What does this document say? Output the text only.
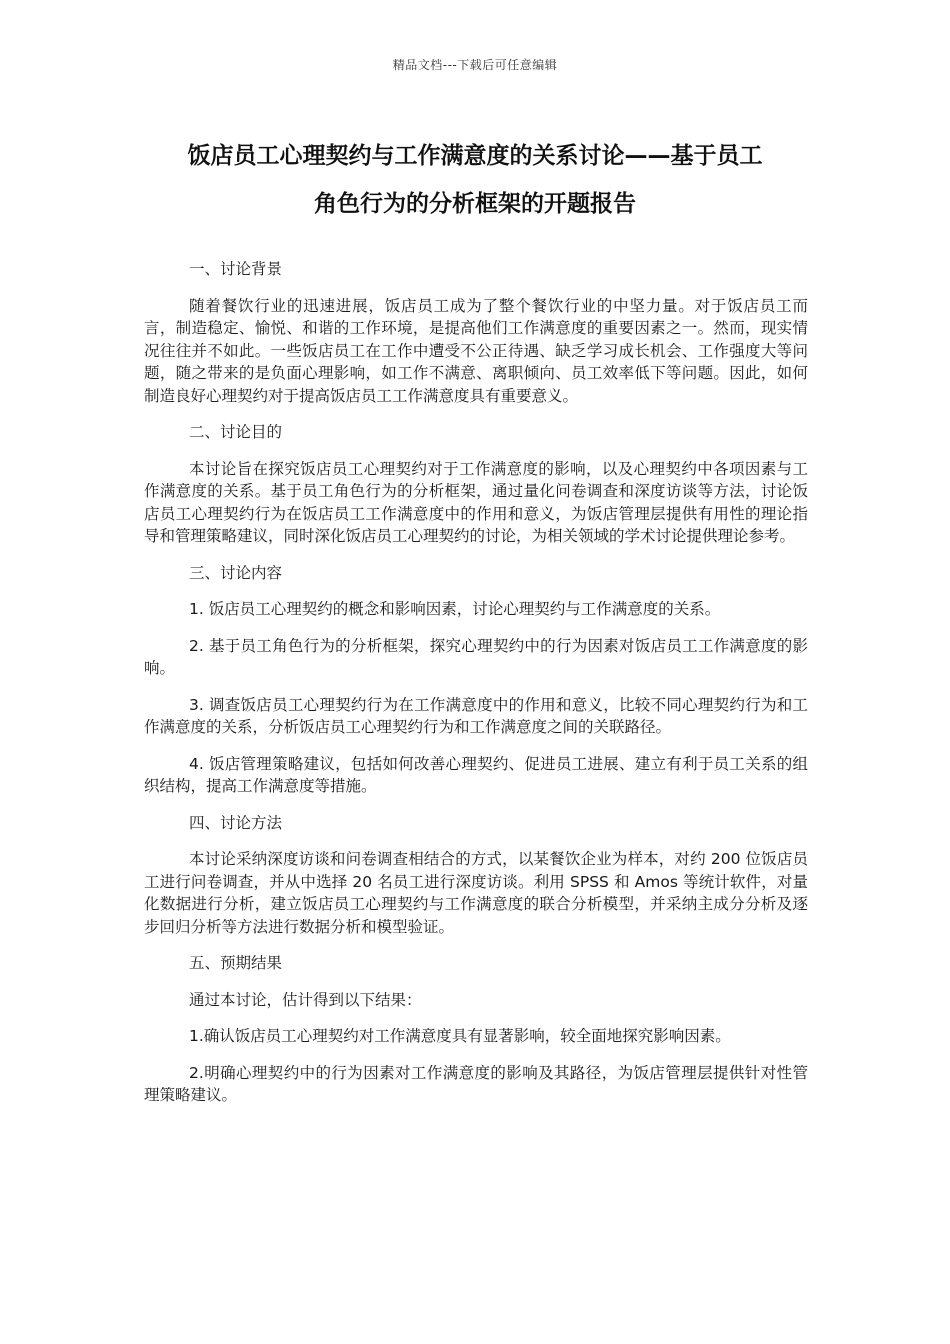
精品文档---下载后可任意编辑
饭店员工心理契约与工作满意度的关系讨论——基于员工
角色行为的分析框架的开题报告

一、讨论背景

随着餐饮行业的迅速进展，饭店员工成为了整个餐饮行业的中坚力量。对于饭店员工而言，制造稳定、愉悦、和谐的工作环境，是提高他们工作满意度的重要因素之一。然而，现实情况往往并不如此。一些饭店员工在工作中遭受不公正待遇、缺乏学习成长机会、工作强度大等问题，随之带来的是负面心理影响，如工作不满意、离职倾向、员工效率低下等问题。因此，如何制造良好心理契约对于提高饭店员工工作满意度具有重要意义。

二、讨论目的

本讨论旨在探究饭店员工心理契约对于工作满意度的影响，以及心理契约中各项因素与工作满意度的关系。基于员工角色行为的分析框架，通过量化问卷调查和深度访谈等方法，讨论饭店员工心理契约行为在饭店员工工作满意度中的作用和意义，为饭店管理层提供有用性的理论指导和管理策略建议，同时深化饭店员工心理契约的讨论，为相关领域的学术讨论提供理论参考。

三、讨论内容

1. 饭店员工心理契约的概念和影响因素，讨论心理契约与工作满意度的关系。

2. 基于员工角色行为的分析框架，探究心理契约中的行为因素对饭店员工工作满意度的影响。

3. 调查饭店员工心理契约行为在工作满意度中的作用和意义，比较不同心理契约行为和工作满意度的关系，分析饭店员工心理契约行为和工作满意度之间的关联路径。

4. 饭店管理策略建议，包括如何改善心理契约、促进员工进展、建立有利于员工关系的组织结构，提高工作满意度等措施。

四、讨论方法

本讨论采纳深度访谈和问卷调查相结合的方式，以某餐饮企业为样本，对约 200 位饭店员工进行问卷调查，并从中选择 20 名员工进行深度访谈。利用 SPSS 和 Amos 等统计软件，对量化数据进行分析，建立饭店员工心理契约与工作满意度的联合分析模型，并采纳主成分分析及逐步回归分析等方法进行数据分析和模型验证。

五、预期结果

通过本讨论，估计得到以下结果：

1.确认饭店员工心理契约对工作满意度具有显著影响，较全面地探究影响因素。

2.明确心理契约中的行为因素对工作满意度的影响及其路径，为饭店管理层提供针对性管理策略建议。
